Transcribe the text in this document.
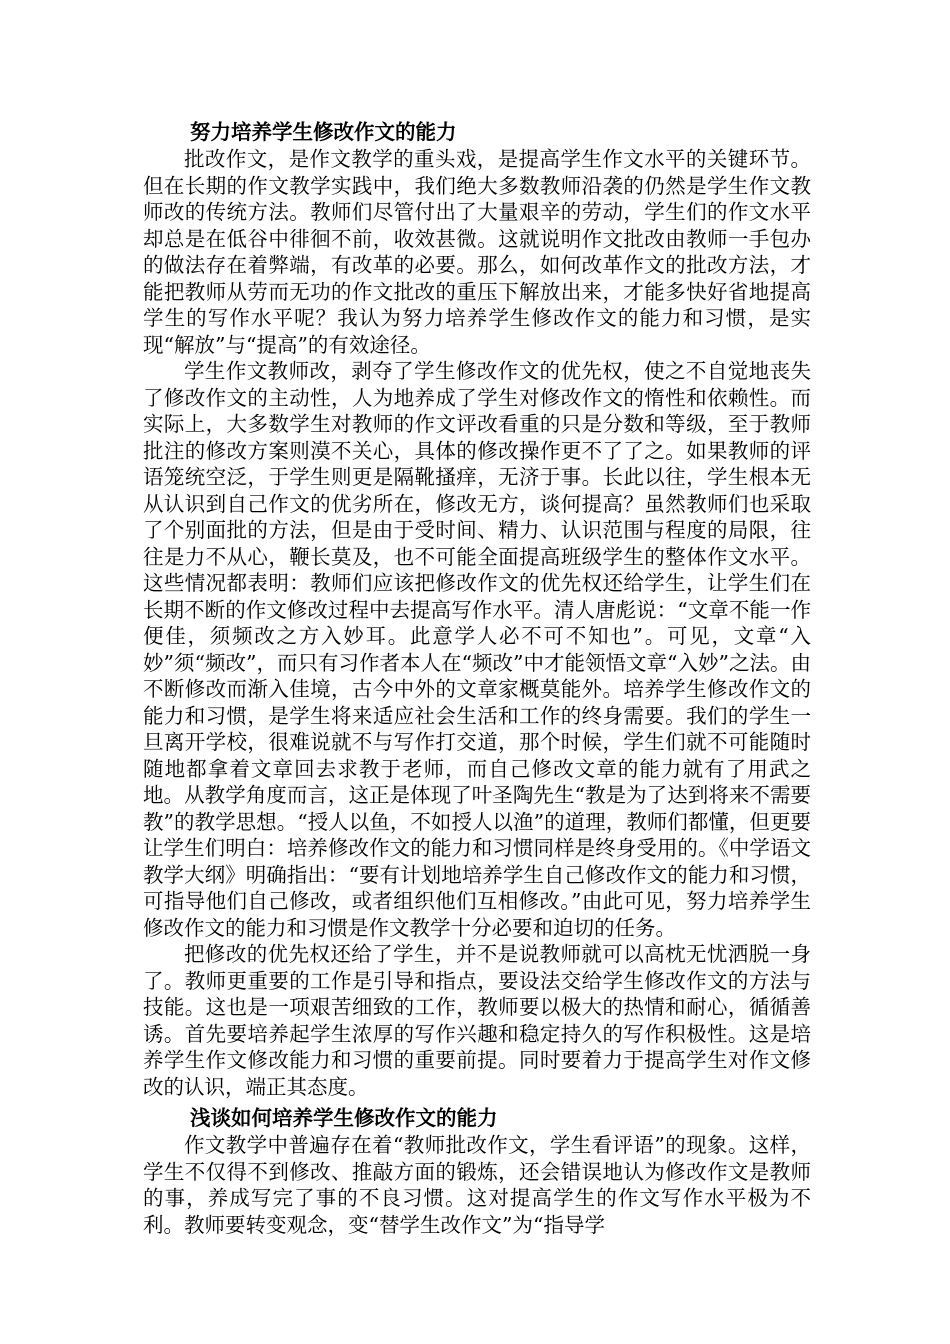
努力培养学生修改作文的能力

批改作文，是作文教学的重头戏，是提高学生作文水平的关键环节。但在长期的作文教学实践中，我们绝大多数教师沿袭的仍然是学生作文教师改的传统方法。教师们尽管付出了大量艰辛的劳动，学生们的作文水平却总是在低谷中徘徊不前，收效甚微。这就说明作文批改由教师一手包办的做法存在着弊端，有改革的必要。那么，如何改革作文的批改方法，才能把教师从劳而无功的作文批改的重压下解放出来，才能多快好省地提高学生的写作水平呢？我认为努力培养学生修改作文的能力和习惯，是实现“解放”与“提高”的有效途径。

学生作文教师改，剥夺了学生修改作文的优先权，使之不自觉地丧失了修改作文的主动性，人为地养成了学生对修改作文的惰性和依赖性。而实际上，大多数学生对教师的作文评改看重的只是分数和等级，至于教师批注的修改方案则漠不关心，具体的修改操作更不了了之。如果教师的评语笼统空泛，于学生则更是隔靴搔痒，无济于事。长此以往，学生根本无从认识到自己作文的优劣所在，修改无方，谈何提高？虽然教师们也采取了个别面批的方法，但是由于受时间、精力、认识范围与程度的局限，往往是力不从心，鞭长莫及，也不可能全面提高班级学生的整体作文水平。这些情况都表明：教师们应该把修改作文的优先权还给学生，让学生们在长期不断的作文修改过程中去提高写作水平。清人唐彪说：“文章不能一作便佳，须频改之方入妙耳。此意学人必不可不知也”。可见，文章“入妙”须“频改”，而只有习作者本人在“频改”中才能领悟文章“入妙”之法。由不断修改而渐入佳境，古今中外的文章家概莫能外。培养学生修改作文的能力和习惯，是学生将来适应社会生活和工作的终身需要。我们的学生一旦离开学校，很难说就不与写作打交道，那个时候，学生们就不可能随时随地都拿着文章回去求教于老师，而自己修改文章的能力就有了用武之地。从教学角度而言，这正是体现了叶圣陶先生“教是为了达到将来不需要教”的教学思想。“授人以鱼，不如授人以渔”的道理，教师们都懂，但更要让学生们明白：培养修改作文的能力和习惯同样是终身受用的。《中学语文教学大纲》明确指出：“要有计划地培养学生自己修改作文的能力和习惯，可指导他们自己修改，或者组织他们互相修改。”由此可见，努力培养学生修改作文的能力和习惯是作文教学十分必要和迫切的任务。

把修改的优先权还给了学生，并不是说教师就可以高枕无忧洒脱一身了。教师更重要的工作是引导和指点，要设法交给学生修改作文的方法与技能。这也是一项艰苦细致的工作，教师要以极大的热情和耐心，循循善诱。首先要培养起学生浓厚的写作兴趣和稳定持久的写作积极性。这是培养学生作文修改能力和习惯的重要前提。同时要着力于提高学生对作文修改的认识，端正其态度。

浅谈如何培养学生修改作文的能力

作文教学中普遍存在着“教师批改作文，学生看评语”的现象。这样，学生不仅得不到修改、推敲方面的锻炼，还会错误地认为修改作文是教师的事，养成写完了事的不良习惯。这对提高学生的作文写作水平极为不利。教师要转变观念，变“替学生改作文”为“指导学
